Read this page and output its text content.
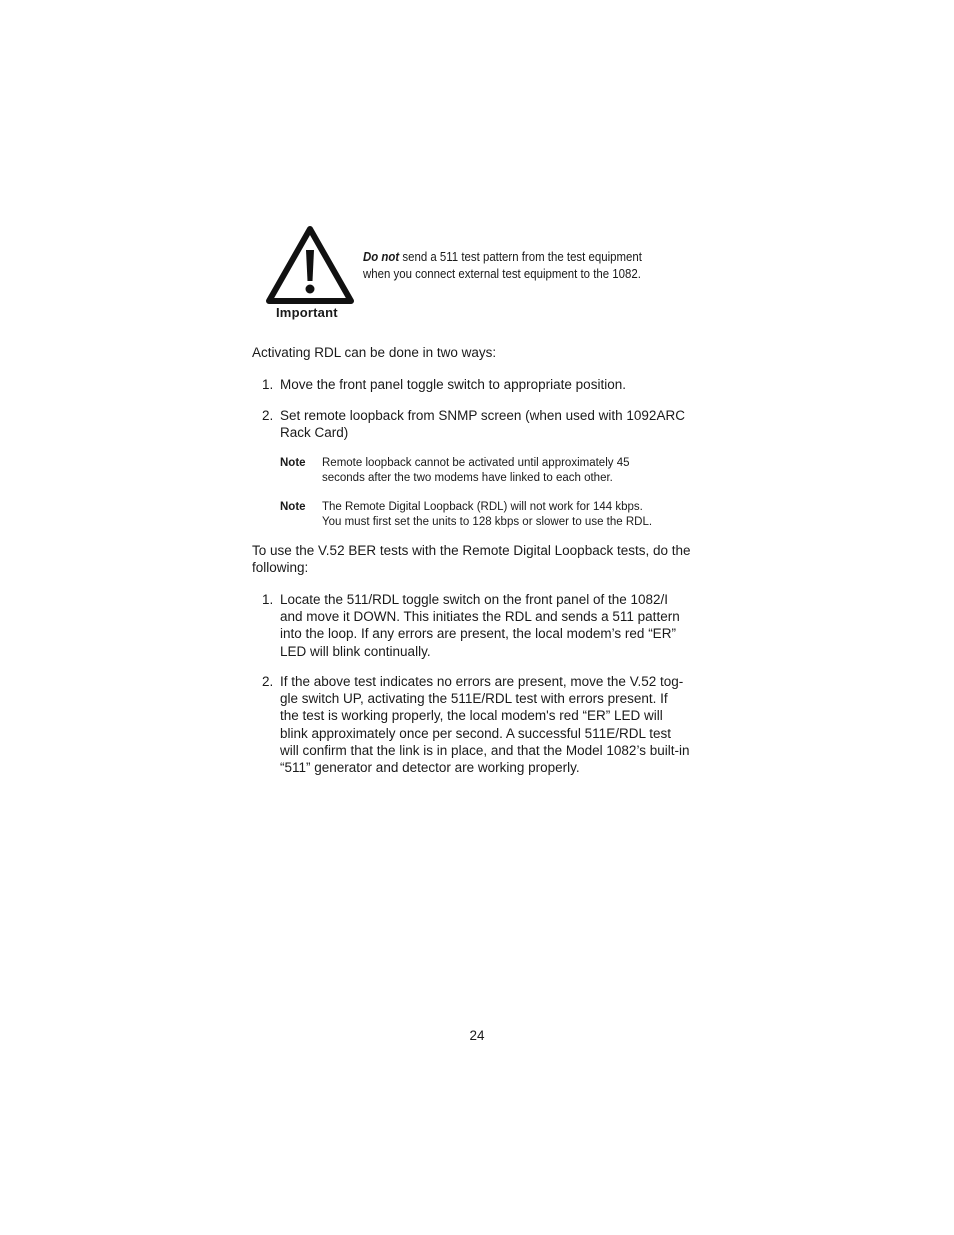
Important
Do not send a 511 test pattern from the test equipment
when you connect external test equipment to the 1082.
Activating RDL can be done in two ways:
1. Move the front panel toggle switch to appropriate position.
2. Set remote loopback from SNMP screen (when used with 1092ARC
Rack Card)
Note Remote loopback cannot be activated until approximately 45
seconds after the two modems have linked to each other.
Note The Remote Digital Loopback (RDL) will not work for 144 kbps.
You must first set the units to 128 kbps or slower to use the RDL.
To use the V.52 BER tests with the Remote Digital Loopback tests, do the
following:
1. Locate the 511/RDL toggle switch on the front panel of the 1082/I
and move it DOWN. This initiates the RDL and sends a 511 pattern
into the loop. If any errors are present, the local modem’s red “ER”
LED will blink continually.
2. If the above test indicates no errors are present, move the V.52 tog-
gle switch UP, activating the 511E/RDL test with errors present. If
the test is working properly, the local modem's red “ER” LED will
blink approximately once per second. A successful 511E/RDL test
will confirm that the link is in place, and that the Model 1082’s built-in
“511” generator and detector are working properly.
24
